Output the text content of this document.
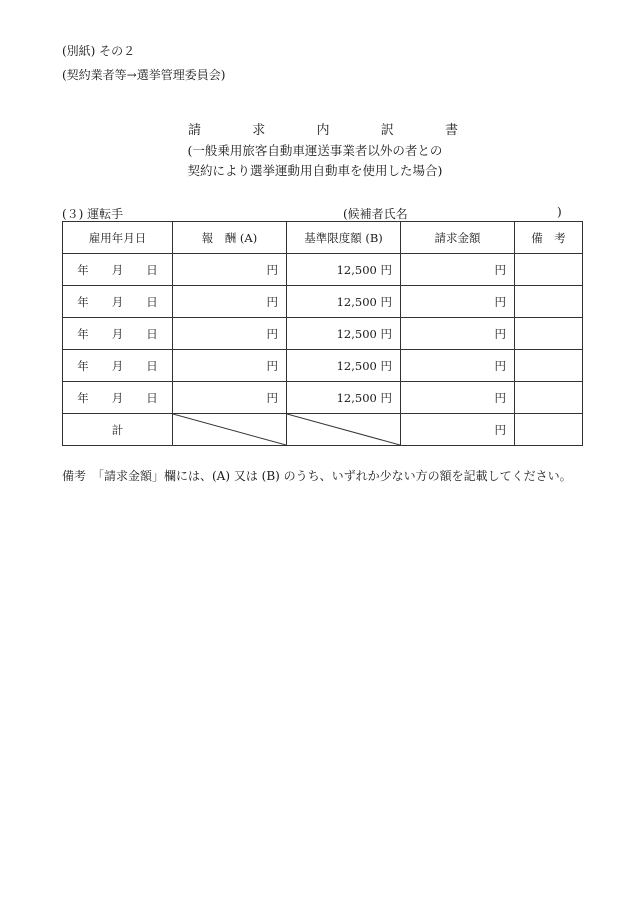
(別紙) その２
(契約業者等→選挙管理委員会)
請	求	内	訳	書
(一般乗用旅客自動車運送事業者以外の者との
契約により選挙運動用自動車を使用した場合)
(３) 運転手	(候補者氏名	)
雇用年月日	報　酬 (A)	基準限度額 (B)	請求金額	備　考
年　　月　　日	円	12,500 円	円	
年　　月　　日	円	12,500 円	円	
年　　月　　日	円	12,500 円	円	
年　　月　　日	円	12,500 円	円	
年　　月　　日	円	12,500 円	円	
計			円	
備考　「請求金額」欄には、(A) 又は (B) のうち、いずれか少ない方の額を記載してください。
